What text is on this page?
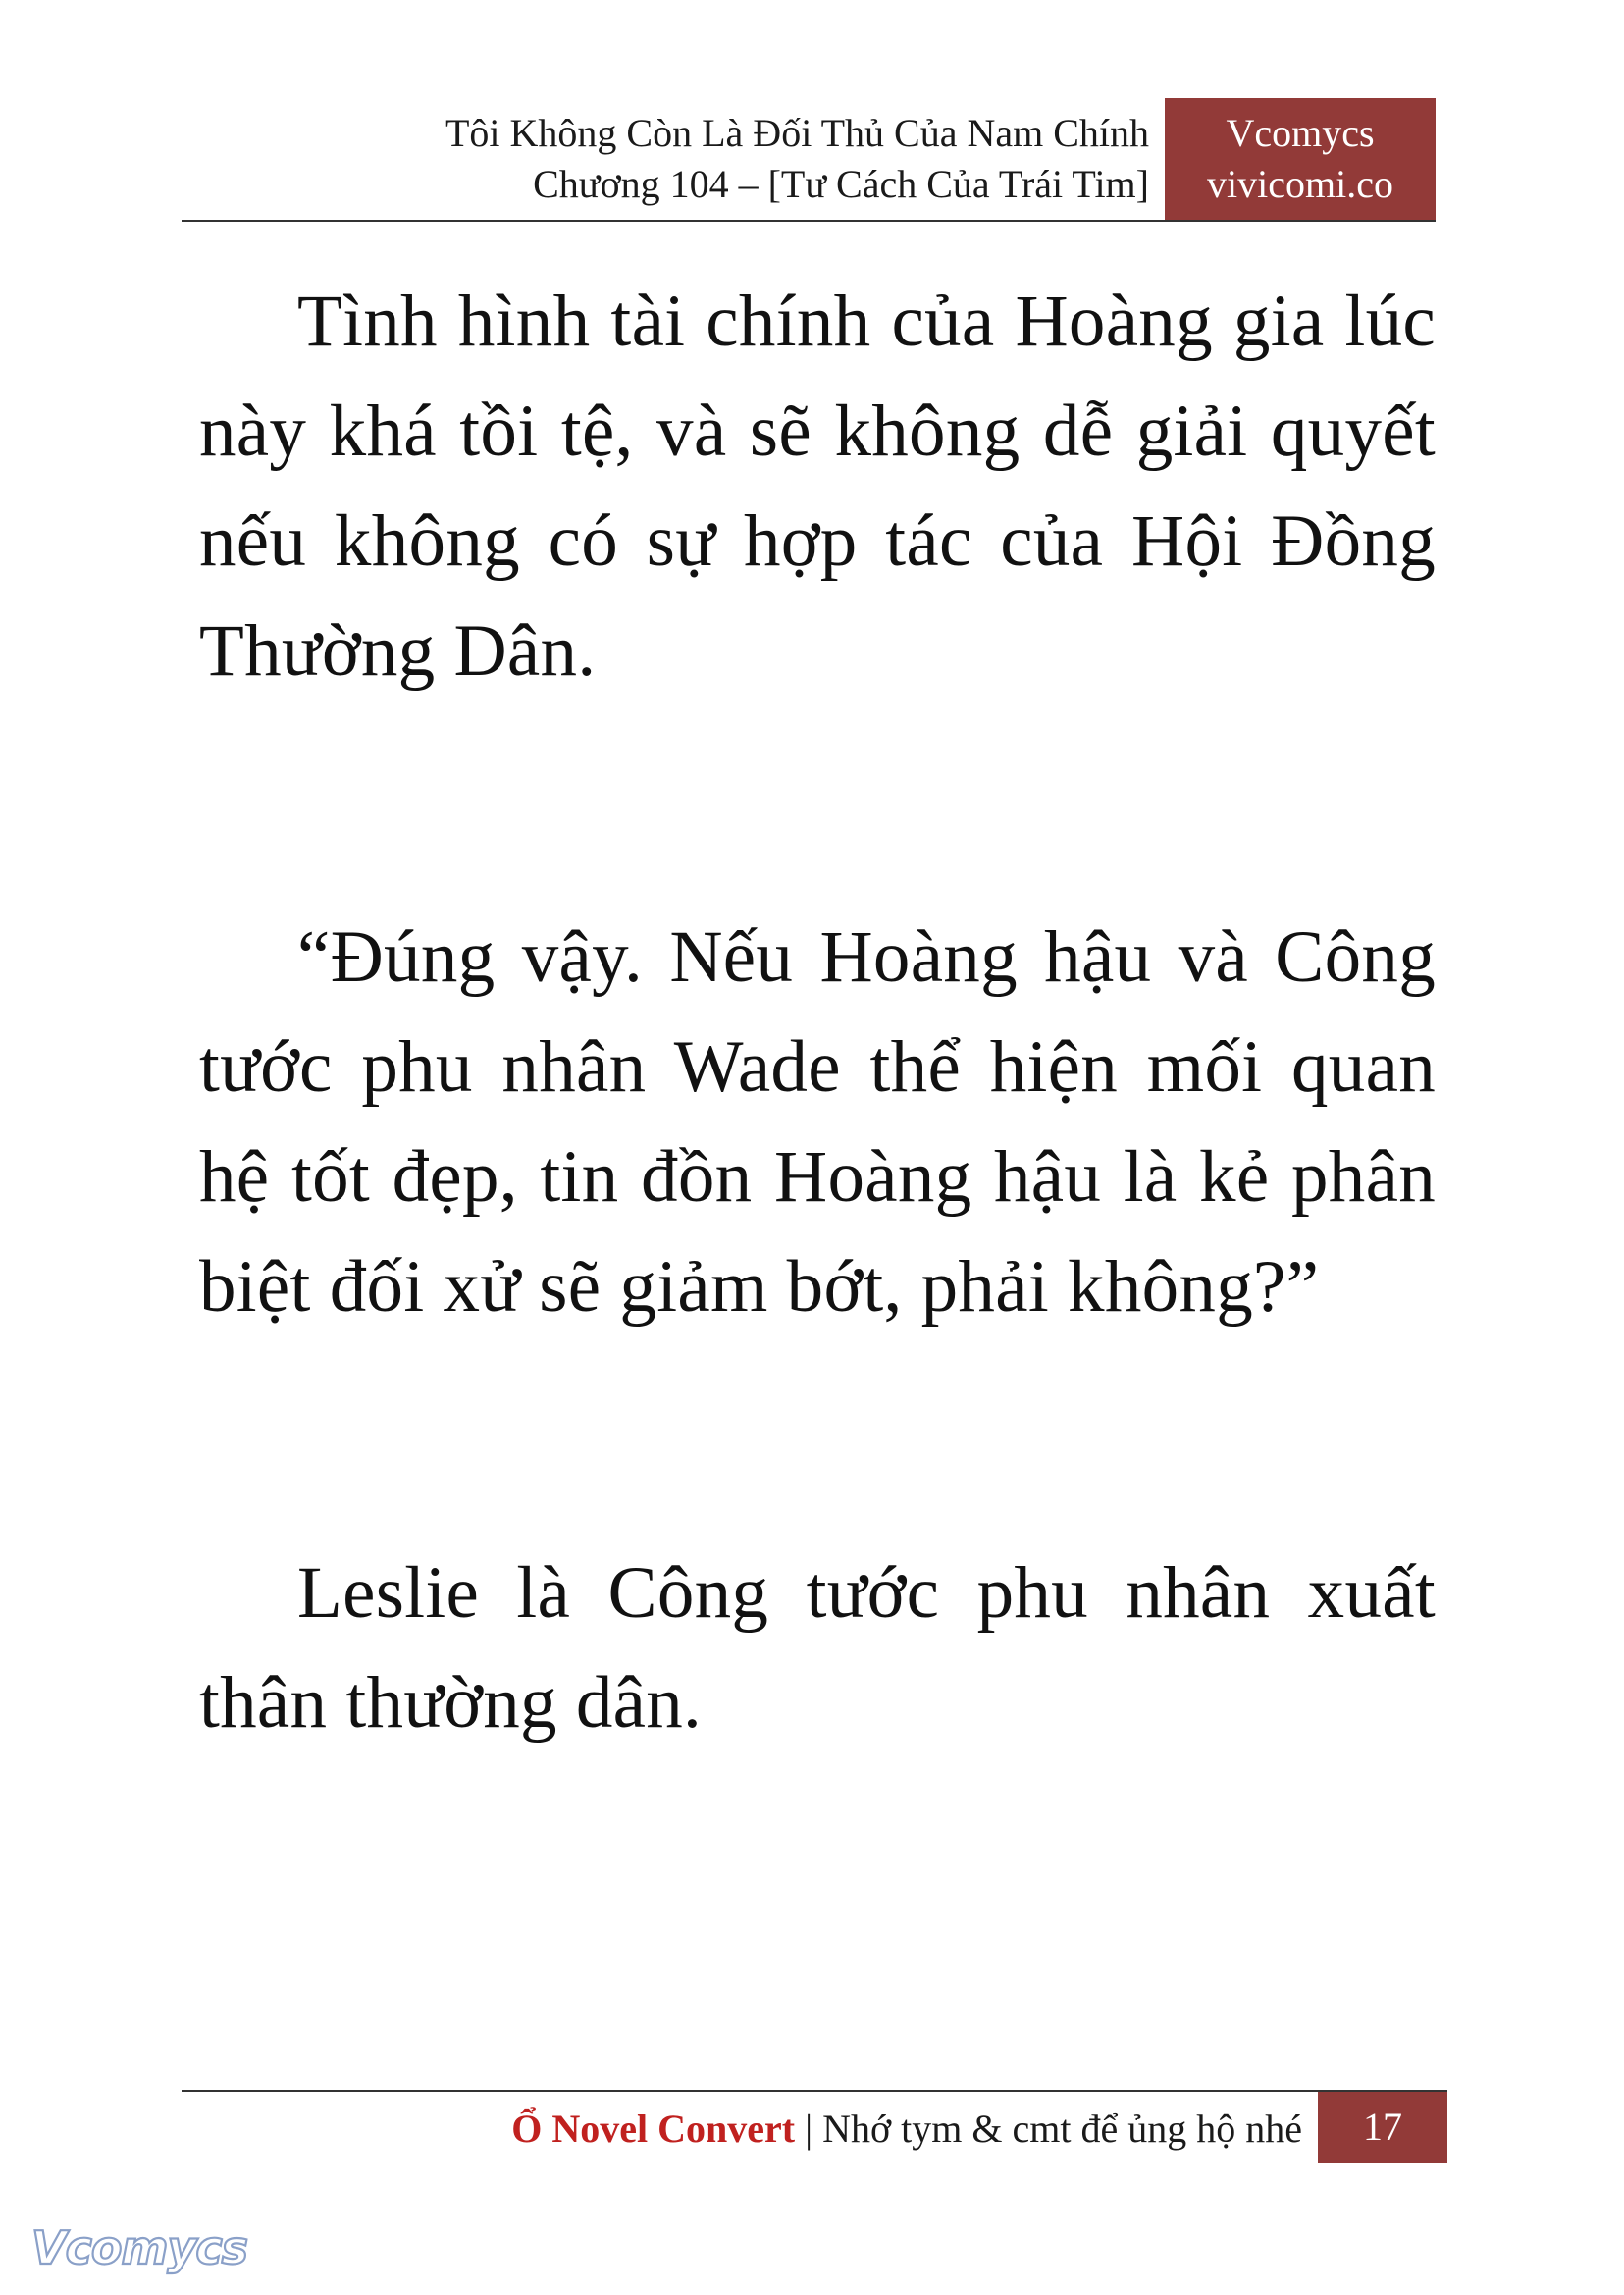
Tôi Không Còn Là Đối Thủ Của Nam Chính
Chương 104 – [Tư Cách Của Trái Tim]
Vcomycs
vivicomi.co

Tình hình tài chính của Hoàng gia lúc này khá tồi tệ, và sẽ không dễ giải quyết nếu không có sự hợp tác của Hội Đồng Thường Dân.

“Đúng vậy. Nếu Hoàng hậu và Công tước phu nhân Wade thể hiện mối quan hệ tốt đẹp, tin đồn Hoàng hậu là kẻ phân biệt đối xử sẽ giảm bớt, phải không?”

Leslie là Công tước phu nhân xuất thân thường dân.

Ổ Novel Convert | Nhớ tym & cmt để ủng hộ nhé	17
Vcomycs
